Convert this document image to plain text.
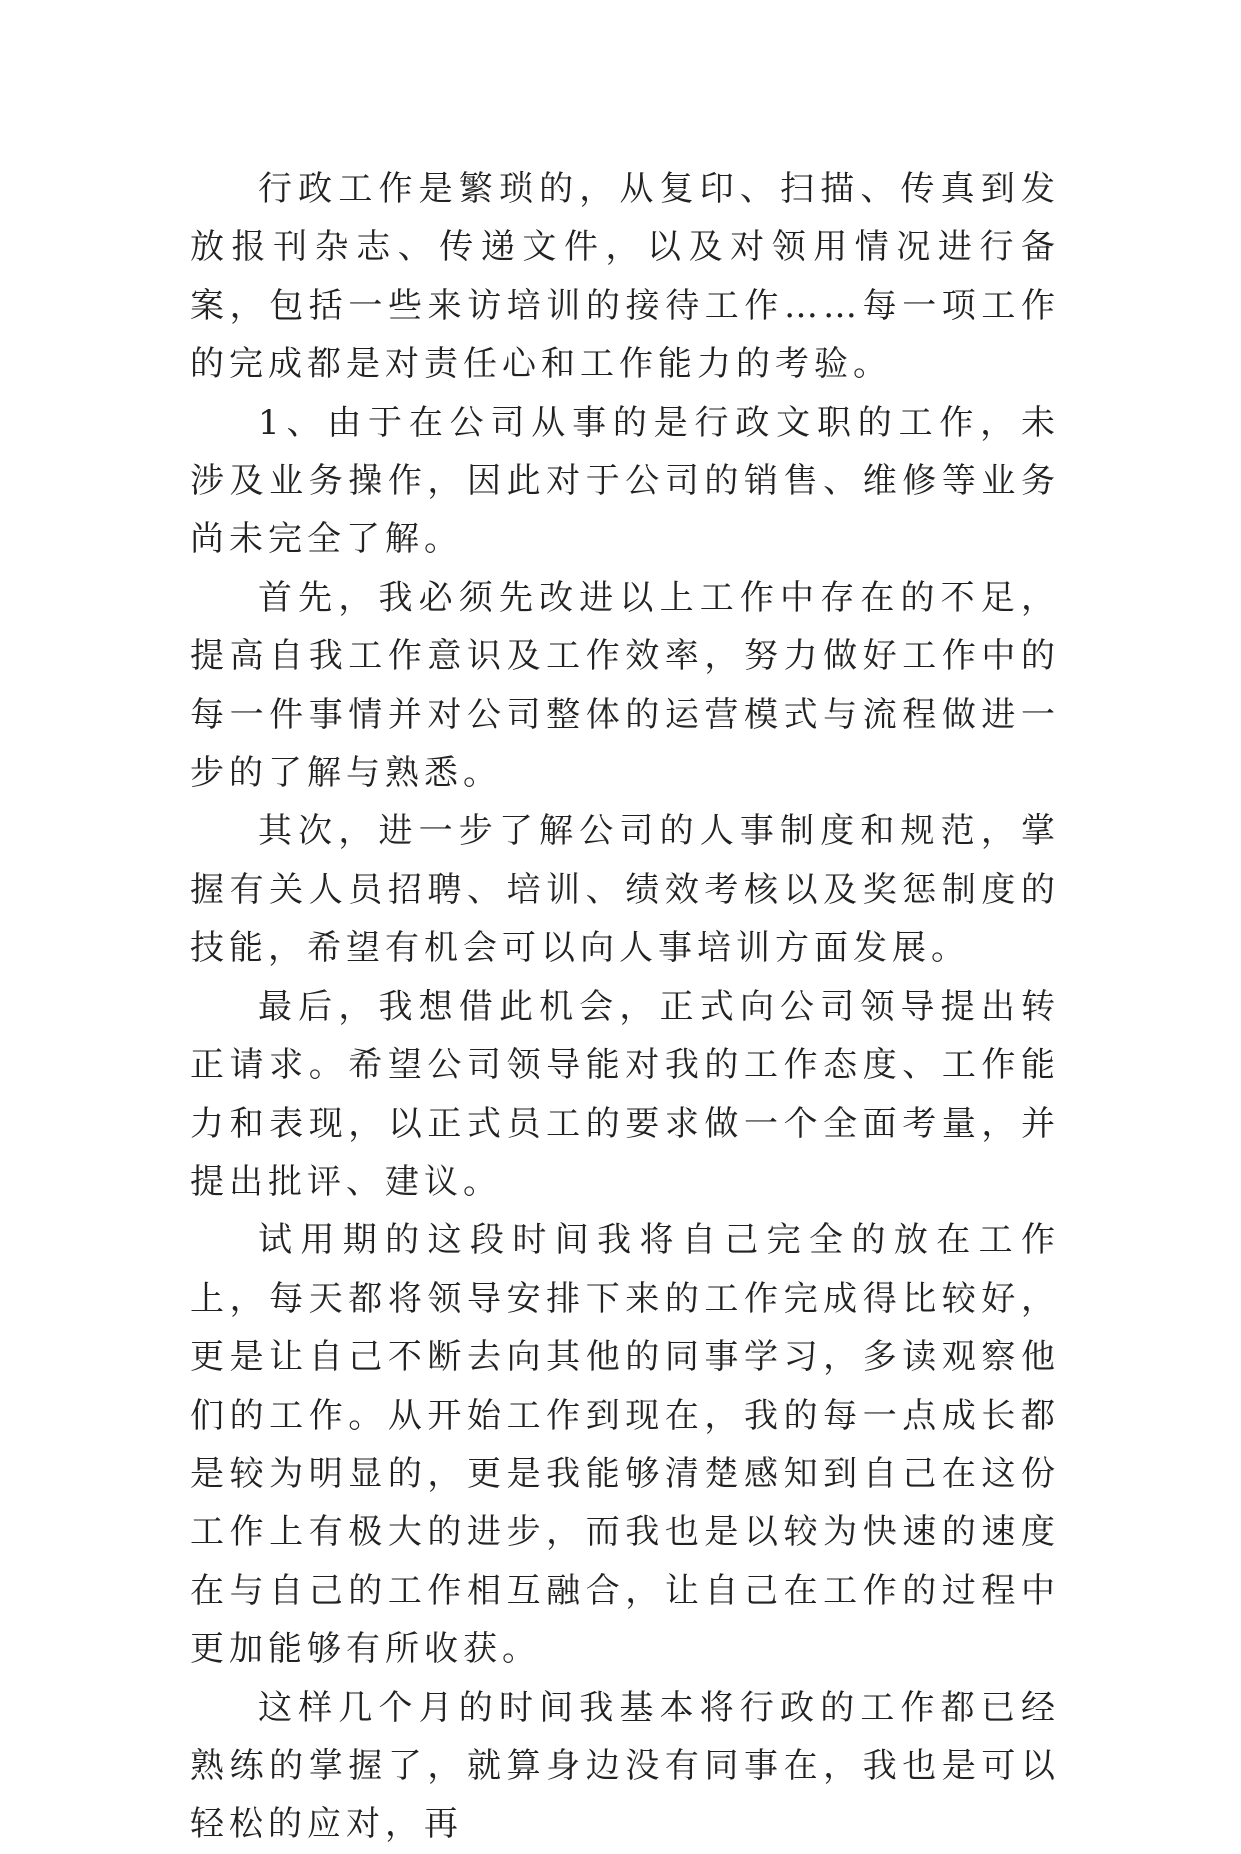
行政工作是繁琐的，从复印、扫描、传真到发放报刊杂志、传递文件，以及对领用情况进行备案，包括一些来访培训的接待工作……每一项工作的完成都是对责任心和工作能力的考验。

1、由于在公司从事的是行政文职的工作，未涉及业务操作，因此对于公司的销售、维修等业务尚未完全了解。

首先，我必须先改进以上工作中存在的不足，提高自我工作意识及工作效率，努力做好工作中的每一件事情并对公司整体的运营模式与流程做进一步的了解与熟悉。

其次，进一步了解公司的人事制度和规范，掌握有关人员招聘、培训、绩效考核以及奖惩制度的技能，希望有机会可以向人事培训方面发展。

最后，我想借此机会，正式向公司领导提出转正请求。希望公司领导能对我的工作态度、工作能力和表现，以正式员工的要求做一个全面考量，并提出批评、建议。

试用期的这段时间我将自己完全的放在工作上，每天都将领导安排下来的工作完成得比较好，更是让自己不断去向其他的同事学习，多读观察他们的工作。从开始工作到现在，我的每一点成长都是较为明显的，更是我能够清楚感知到自己在这份工作上有极大的进步，而我也是以较为快速的速度在与自己的工作相互融合，让自己在工作的过程中更加能够有所收获。

这样几个月的时间我基本将行政的工作都已经熟练的掌握了，就算身边没有同事在，我也是可以轻松的应对，再
